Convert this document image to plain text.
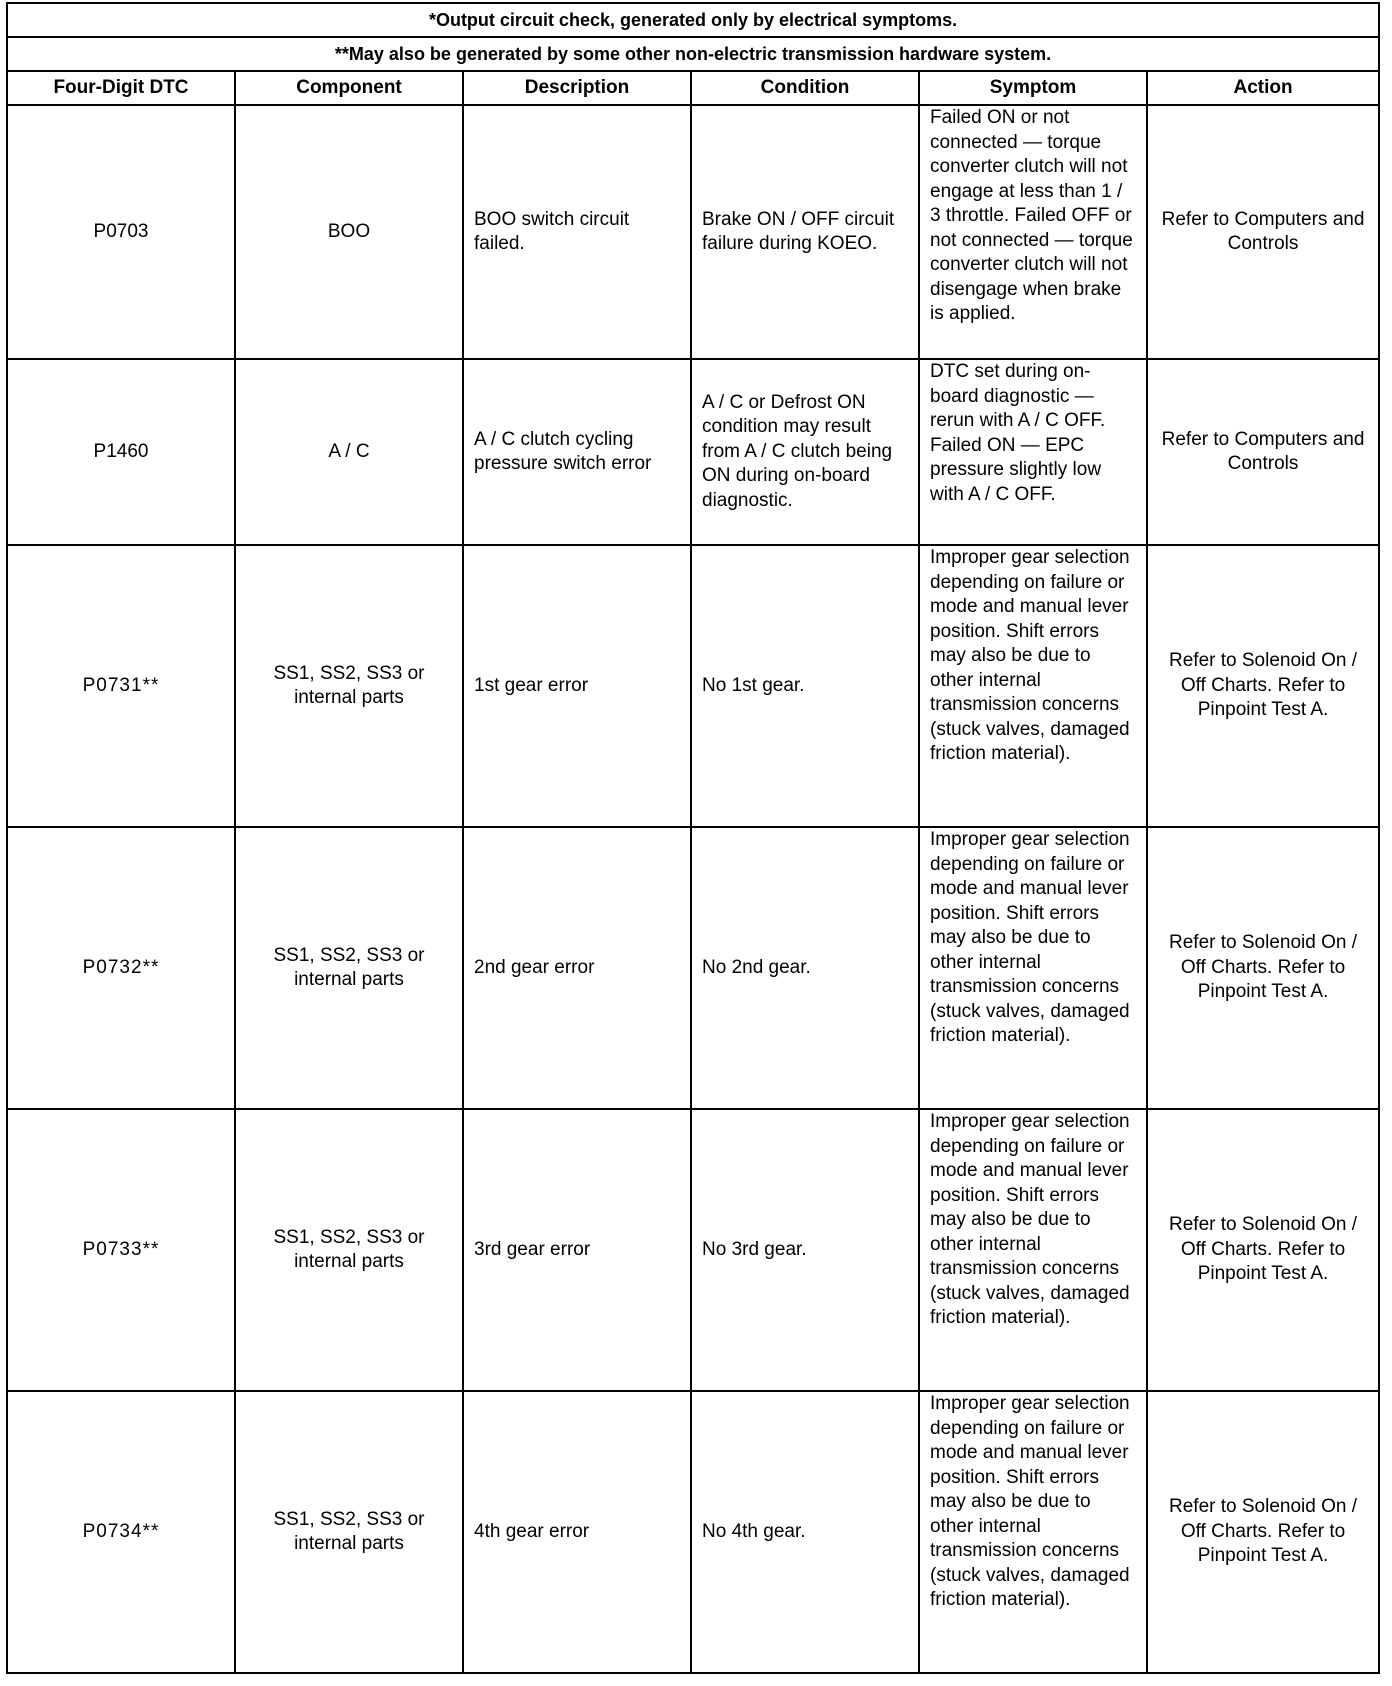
*Output circuit check, generated only by electrical symptoms.					
**May also be generated by some other non-electric transmission hardware system.					
Four-Digit DTC	Component	Description	Condition	Symptom	Action
P0703	BOO	BOO switch circuit failed.	Brake ON / OFF circuit failure during KOEO.	Failed ON or not connected — torque converter clutch will not engage at less than 1 / 3 throttle. Failed OFF or not connected — torque converter clutch will not disengage when brake is applied.	Refer to Computers and Controls
P1460	A / C	A / C clutch cycling pressure switch error	A / C or Defrost ON condition may result from A / C clutch being ON during on-board diagnostic.	DTC set during on-board diagnostic — rerun with A / C OFF. Failed ON — EPC pressure slightly low with A / C OFF.	Refer to Computers and Controls
P0731**	SS1, SS2, SS3 or internal parts	1st gear error	No 1st gear.	Improper gear selection depending on failure or mode and manual lever position. Shift errors may also be due to other internal transmission concerns (stuck valves, damaged friction material).	Refer to Solenoid On / Off Charts. Refer to Pinpoint Test A.
P0732**	SS1, SS2, SS3 or internal parts	2nd gear error	No 2nd gear.	Improper gear selection depending on failure or mode and manual lever position. Shift errors may also be due to other internal transmission concerns (stuck valves, damaged friction material).	Refer to Solenoid On / Off Charts. Refer to Pinpoint Test A.
P0733**	SS1, SS2, SS3 or internal parts	3rd gear error	No 3rd gear.	Improper gear selection depending on failure or mode and manual lever position. Shift errors may also be due to other internal transmission concerns (stuck valves, damaged friction material).	Refer to Solenoid On / Off Charts. Refer to Pinpoint Test A.
P0734**	SS1, SS2, SS3 or internal parts	4th gear error	No 4th gear.	Improper gear selection depending on failure or mode and manual lever position. Shift errors may also be due to other internal transmission concerns (stuck valves, damaged friction material).	Refer to Solenoid On / Off Charts. Refer to Pinpoint Test A.
